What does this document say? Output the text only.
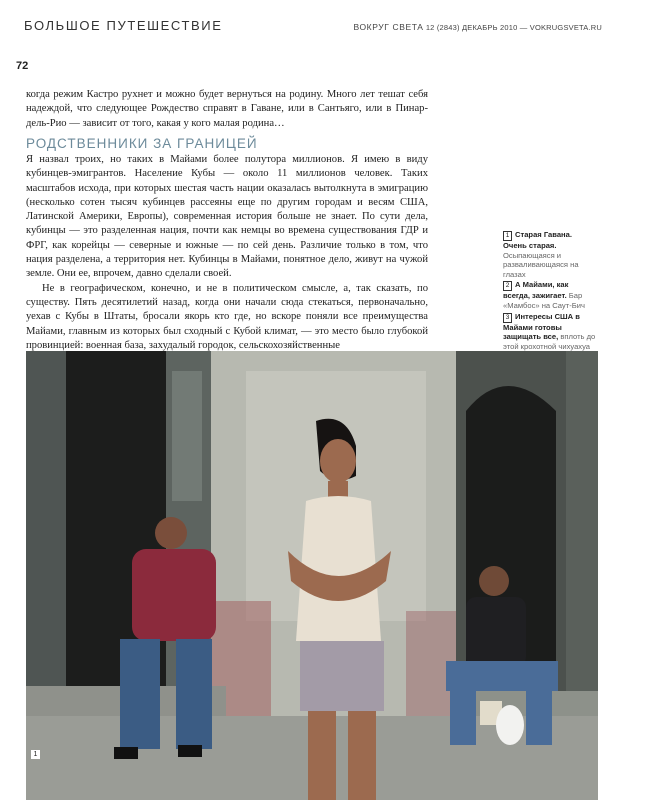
БОЛЬШОЕ ПУТЕШЕСТВИЕ	ВОКРУГ СВЕТА 12 (2843) ДЕКАБРЬ 2010 — VOKRUGSVETA.RU
72

когда режим Кастро рухнет и можно будет вернуться на родину. Много лет тешат себя надеждой, что следующее Рождество справят в Гаване, или в Сантьяго, или в Пинар-дель-Рио — зависит от того, какая у кого малая родина…

РОДСТВЕННИКИ ЗА ГРАНИЦЕЙ

Я назвал троих, но таких в Майами более полутора миллионов. Я имею в виду кубинцев-эмигрантов. Население Кубы — около 11 миллионов человек. Таких масштабов исхода, при которых шестая часть нации оказалась вытолкнута в эмиграцию (несколько сотен тысяч кубинцев рассеяны еще по другим городам и весям США, Латинской Америки, Европы), современная история больше не знает. По сути дела, кубинцы — это разделенная нация, почти как немцы во времена существования ГДР и ФРГ, как корейцы — северные и южные — по сей день. Различие только в том, что нация разделена, а территория нет. Кубинцы в Майами, понятное дело, живут на чужой земле. Они ее, впрочем, давно сделали своей.

Не в географическом, конечно, и не в политическом смысле, а, так сказать, по существу. Пять десятилетий назад, когда они начали сюда стекаться, первоначально, уехав с Кубы в Штаты, бросали якорь кто где, но вскоре поняли все преимущества Майами, главным из которых был сходный с Кубой климат, — это место было глубокой провинцией: военная база, захудалый городок, сельскохозяйственные

1 Старая Гавана. Очень старая. Осыпающаяся и разваливающаяся на глазах
2 А Майами, как всегда, зажигает. Бар «Мамбос» на Саут-Бич
3 Интересы США в Майами готовы защищать все, вплоть до этой крохотной чихуахуа
1
